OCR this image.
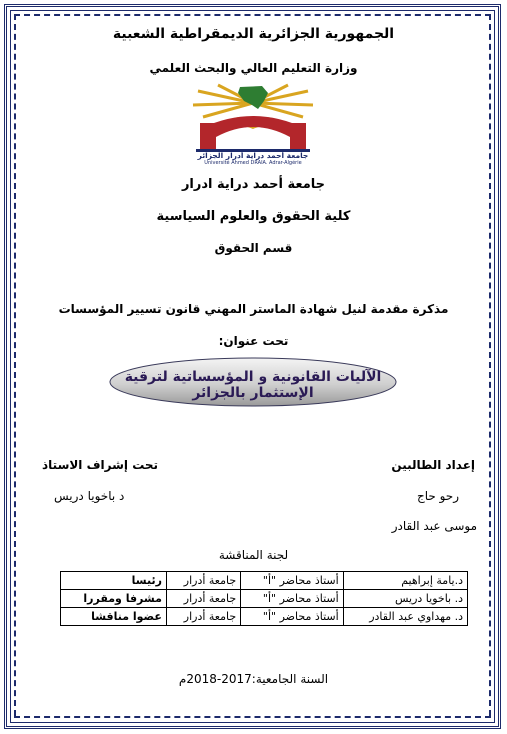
الجمهورية الجزائرية الديمقراطية الشعبية
وزارة التعليم العالي والبحث العلمي
جامعة أحمد دراية أدرار الجزائر
Université Ahmed DRAIA. Adrar-Algérie
جامعة أحمد دراية ادرار
كلية الحقوق والعلوم السياسية
قسم الحقوق
مذكرة مقدمة لنيل شهادة الماستر المهني قانون تسيير المؤسسات
تحت عنوان:
الآليات القانونية و المؤسساتية لترقية الإستثمار بالجزائر
إعداد الطالبين
تحت إشراف الاستاذ
رحو حاج
د باخويا دريس
موسى عبد القادر
لجنة المناقشة
د.يامة إبراهيم	أستاذ محاضر "أ"	جامعة أدرار	رئيسا
د. باخويا دريس	أستاذ محاضر "أ"	جامعة أدرار	مشرفا ومقررا
د. مهداوي عبد القادر	أستاذ محاضر "أ"	جامعة أدرار	عضوا مناقشا
السنة الجامعية:2017-2018م
